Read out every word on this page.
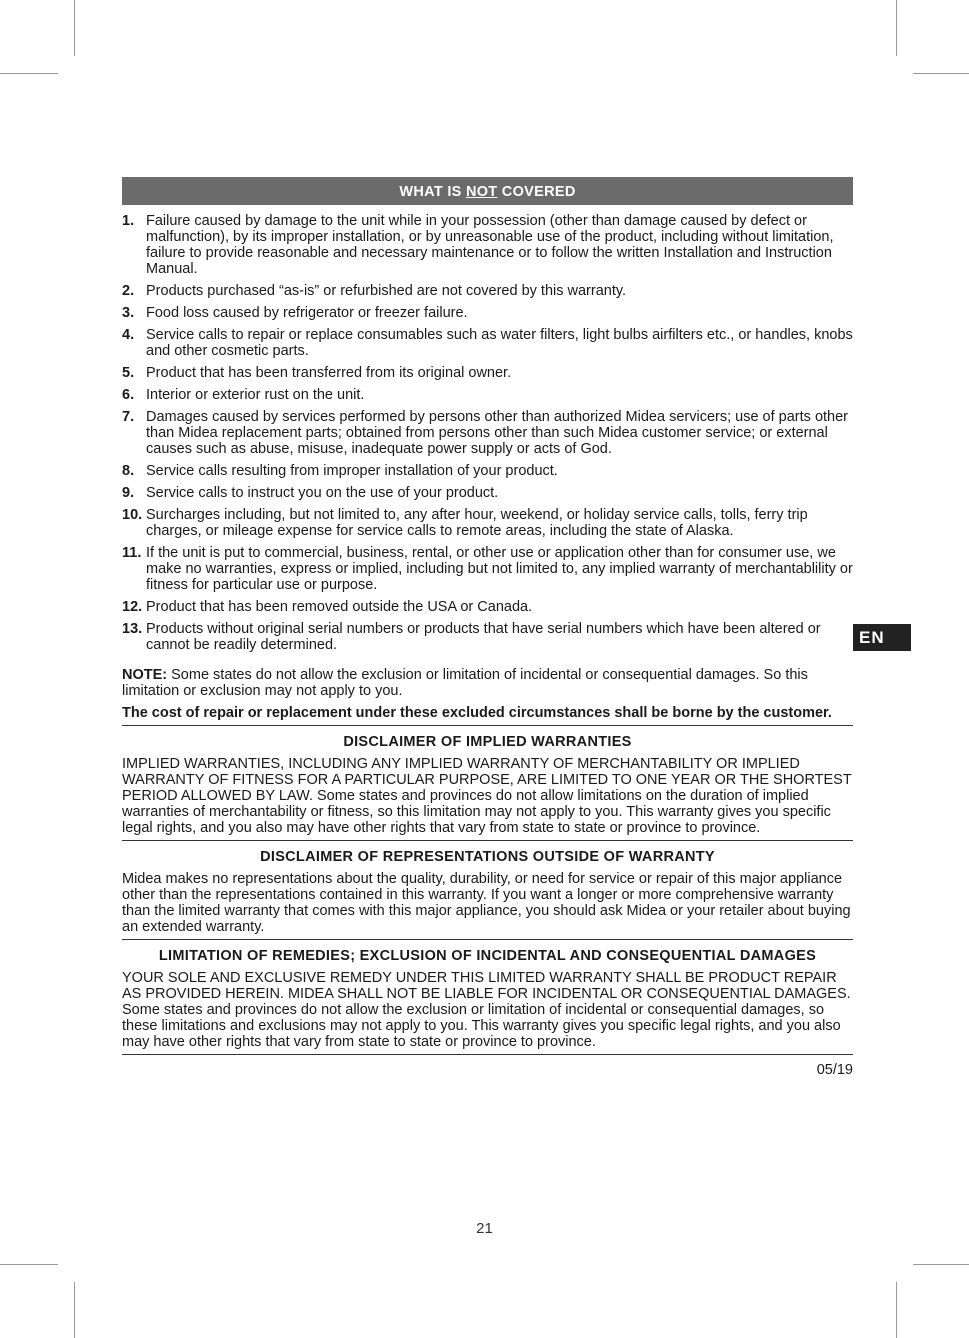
EN
WHAT IS NOT COVERED
1. Failure caused by damage to the unit while in your possession (other than damage caused by defect or malfunction), by its improper installation, or by unreasonable use of the product, including without limitation, failure to provide reasonable and necessary maintenance or to follow the written Installation and Instruction Manual.
2. Products purchased “as-is” or refurbished are not covered by this warranty.
3. Food loss caused by refrigerator or freezer failure.
4. Service calls to repair or replace consumables such as water filters, light bulbs airfilters etc., or handles, knobs and other cosmetic parts.
5. Product that has been transferred from its original owner.
6. Interior or exterior rust on the unit.
7. Damages caused by services performed by persons other than authorized Midea servicers; use of parts other than Midea replacement parts; obtained from persons other than such Midea customer service; or external causes such as abuse, misuse, inadequate power supply or acts of God.
8. Service calls resulting from improper installation of your product.
9. Service calls to instruct you on the use of your product.
10. Surcharges including, but not limited to, any after hour, weekend, or holiday service calls, tolls, ferry trip charges, or mileage expense for service calls to remote areas, including the state of Alaska.
11. If the unit is put to commercial, business, rental, or other use or application other than for consumer use, we make no warranties, express or implied, including but not limited to, any implied warranty of merchantablility or fitness for particular use or purpose.
12. Product that has been removed outside the USA or Canada.
13. Products without original serial numbers or products that have serial numbers which have been altered or cannot be readily determined.
NOTE: Some states do not allow the exclusion or limitation of incidental or consequential damages. So this limitation or exclusion may not apply to you.
The cost of repair or replacement under these excluded circumstances shall be borne by the customer.
DISCLAIMER OF IMPLIED WARRANTIES
IMPLIED WARRANTIES, INCLUDING ANY IMPLIED WARRANTY OF MERCHANTABILITY OR IMPLIED WARRANTY OF FITNESS FOR A PARTICULAR PURPOSE, ARE LIMITED TO ONE YEAR OR THE SHORTEST PERIOD ALLOWED BY LAW. Some states and provinces do not allow limitations on the duration of implied warranties of merchantability or fitness, so this limitation may not apply to you. This warranty gives you specific legal rights, and you also may have other rights that vary from state to state or province to province.
DISCLAIMER OF REPRESENTATIONS OUTSIDE OF WARRANTY
Midea makes no representations about the quality, durability, or need for service or repair of this major appliance other than the representations contained in this warranty. If you want a longer or more comprehensive warranty than the limited warranty that comes with this major appliance, you should ask Midea or your retailer about buying an extended warranty.
LIMITATION OF REMEDIES; EXCLUSION OF INCIDENTAL AND CONSEQUENTIAL DAMAGES
YOUR SOLE AND EXCLUSIVE REMEDY UNDER THIS LIMITED WARRANTY SHALL BE PRODUCT REPAIR AS PROVIDED HEREIN. MIDEA SHALL NOT BE LIABLE FOR INCIDENTAL OR CONSEQUENTIAL DAMAGES. Some states and provinces do not allow the exclusion or limitation of incidental or consequential damages, so these limitations and exclusions may not apply to you. This warranty gives you specific legal rights, and you also may have other rights that vary from state to state or province to province.
05/19
21
